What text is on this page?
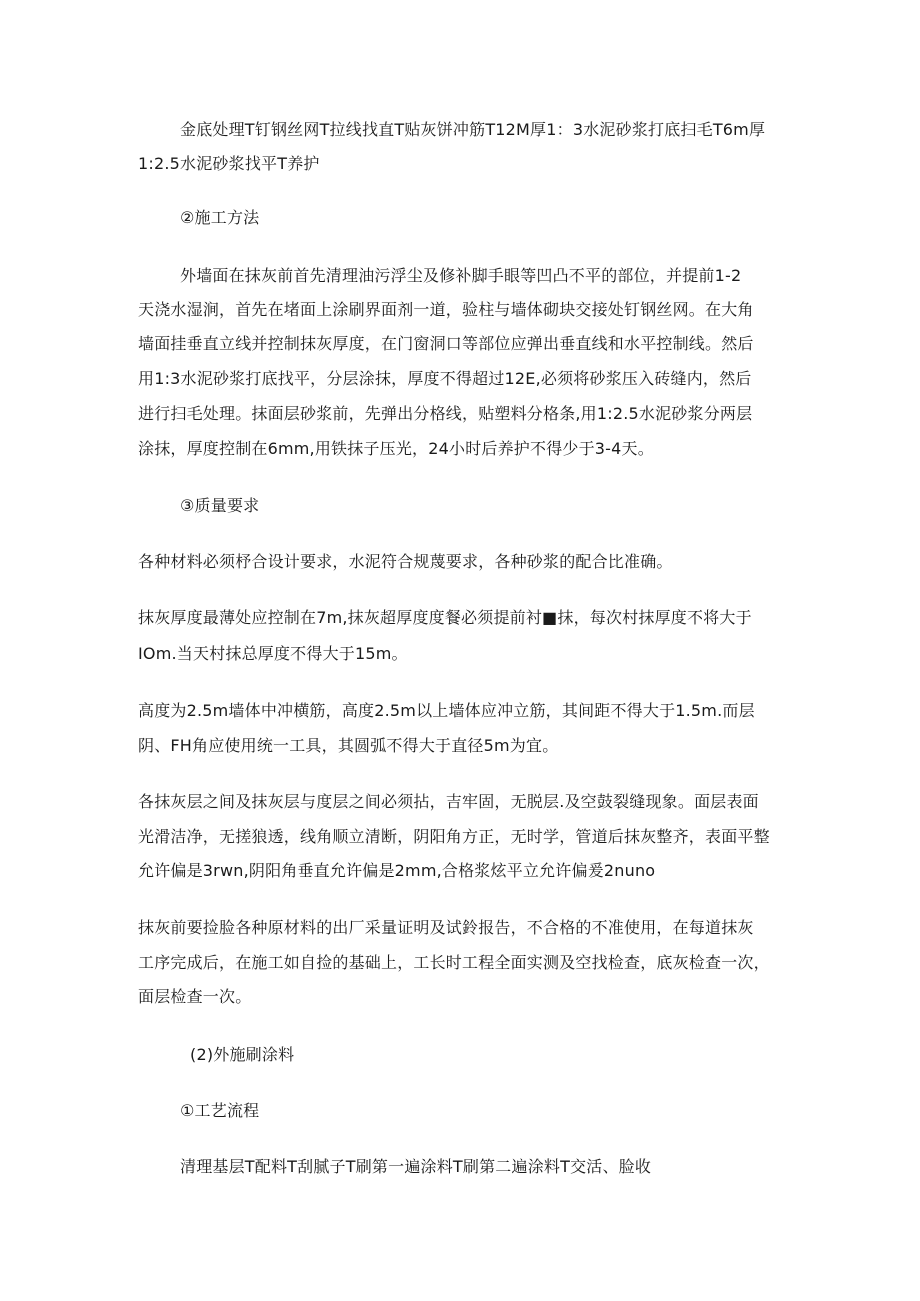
金底处理T钉钢丝网T拉线找直T贴灰饼冲筋T12M厚1：3水泥砂浆打底扫毛T6m厚
1:2.5水泥砂浆找平T养护
②施工方法
外墙面在抹灰前首先清理油污浮尘及修补脚手眼等凹凸不平的部位，并提前1-2
天浇水湿涧，首先在堵面上涂刷界面剂一道，验柱与墙体砌块交接处钉钢丝网。在大角
墙面挂垂直立线并控制抹灰厚度，在门窗洞口等部位应弹出垂直线和水平控制线。然后
用1:3水泥砂浆打底找平，分层涂抹，厚度不得超过12E,必须将砂浆压入砖缝内，然后
进行扫毛处理。抹面层砂浆前，先弹出分格线，贴塑料分格条,用1:2.5水泥砂浆分两层
涂抹，厚度控制在6mm,用铁抹子压光，24小时后养护不得少于3-4天。
③质量要求
各种材料必须杼合设计要求，水泥符合规蔑要求，各种砂浆的配合比准确。
抹灰厚度最薄处应控制在7m,抹灰超厚度度餐必须提前衬■抹，每次村抹厚度不将大于
IOm.当天村抹总厚度不得大于15m。
高度为2.5m墙体中冲横筋，高度2.5m以上墙体应冲立筋，其间距不得大于1.5m.而层
阴、FH角应使用统一工具，其圆弧不得大于直径5m为宜。
各抹灰层之间及抹灰层与度层之间必须拈，吉牢固，无脱层.及空鼓裂缝现象。面层表面
光滑洁净，无搓狼透，线角顺立清断，阴阳角方正，无时学，管道后抹灰整齐，表面平整
允许偏是3rwn,阴阳角垂直允许偏是2mm,合格浆炫平立允许偏爰2nuno
抹灰前要捡脸各种原材料的出厂采量证明及试鈴报告，不合格的不准使用，在每道抹灰
工序完成后，在施工如自捡的基础上，工长时工程全面实测及空找检查，底灰检查一次，
面层检查一次。
(2)外施刷涂料
①工艺流程
清理基层T配料T刮腻子T刷第一遍涂料T刷第二遍涂料T交活、脸收
